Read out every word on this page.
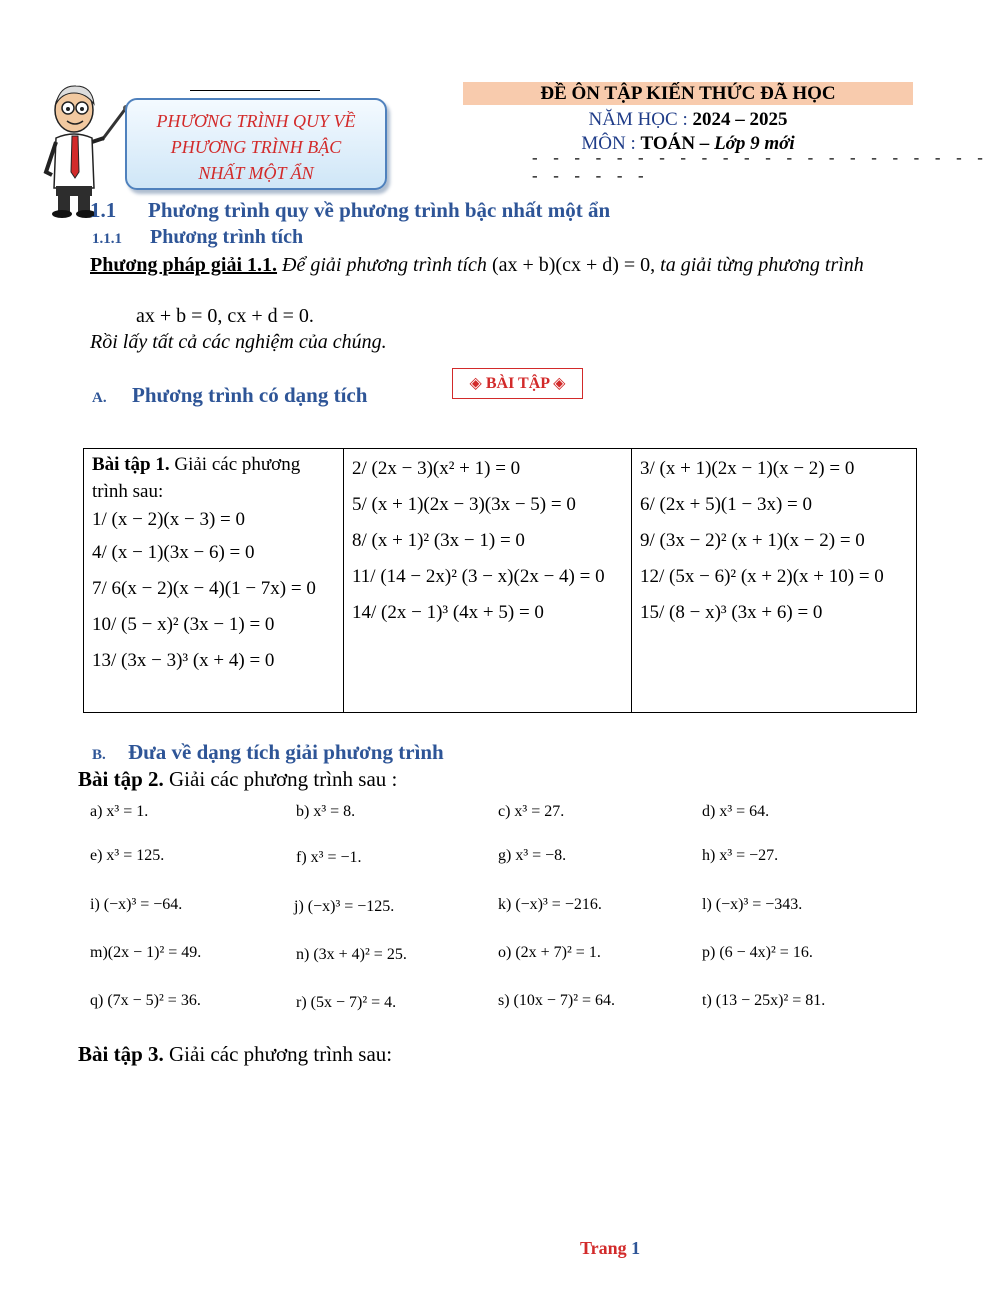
PHƯƠNG TRÌNH QUY VỀ
PHƯƠNG TRÌNH BẬC
NHẤT MỘT ẨN
ĐỀ ÔN TẬP KIẾN THỨC ĐÃ HỌC
NĂM HỌC : 2024 – 2025
MÔN : TOÁN – Lớp 9 mới
- - - - - - - - - - - - - - - - - - - - - - - - - - - -
1.1 Phương trình quy về phương trình bậc nhất một ẩn
1.1.1 Phương trình tích
Phương pháp giải 1.1. Để giải phương trình tích (ax + b)(cx + d) = 0, ta giải từng phương trình
ax + b = 0, cx + d = 0.
Rồi lấy tất cả các nghiệm của chúng.
A. Phương trình có dạng tích	◈ BÀI TẬP ◈
Bài tập 1. Giải các phương trình sau:
1/ (x − 2)(x − 3) = 0
4/ (x − 1)(3x − 6) = 0
7/ 6(x − 2)(x − 4)(1 − 7x) = 0
10/ (5 − x)² (3x − 1) = 0
13/ (3x − 3)³ (x + 4) = 0

2/ (2x − 3)(x² + 1) = 0
5/ (x + 1)(2x − 3)(3x − 5) = 0
8/ (x + 1)² (3x − 1) = 0
11/ (14 − 2x)² (3 − x)(2x − 4) = 0
14/ (2x − 1)³ (4x + 5) = 0

3/ (x + 1)(2x − 1)(x − 2) = 0
6/ (2x + 5)(1 − 3x) = 0
9/ (3x − 2)² (x + 1)(x − 2) = 0
12/ (5x − 6)² (x + 2)(x + 10) = 0
15/ (8 − x)³ (3x + 6) = 0
B. Đưa về dạng tích giải phương trình
Bài tập 2. Giải các phương trình sau :
a) x³ = 1.	b) x³ = 8.	c) x³ = 27.	d) x³ = 64.
e) x³ = 125.	f) x³ = −1.	g) x³ = −8.	h) x³ = −27.
i) (−x)³ = −64.	j) (−x)³ = −125.	k) (−x)³ = −216.	l) (−x)³ = −343.
m)(2x − 1)² = 49.	n) (3x + 4)² = 25.	o) (2x + 7)² = 1.	p) (6 − 4x)² = 16.
q) (7x − 5)² = 36.	r) (5x − 7)² = 4.	s) (10x − 7)² = 64.	t) (13 − 25x)² = 81.
Bài tập 3. Giải các phương trình sau:
Trang 1
